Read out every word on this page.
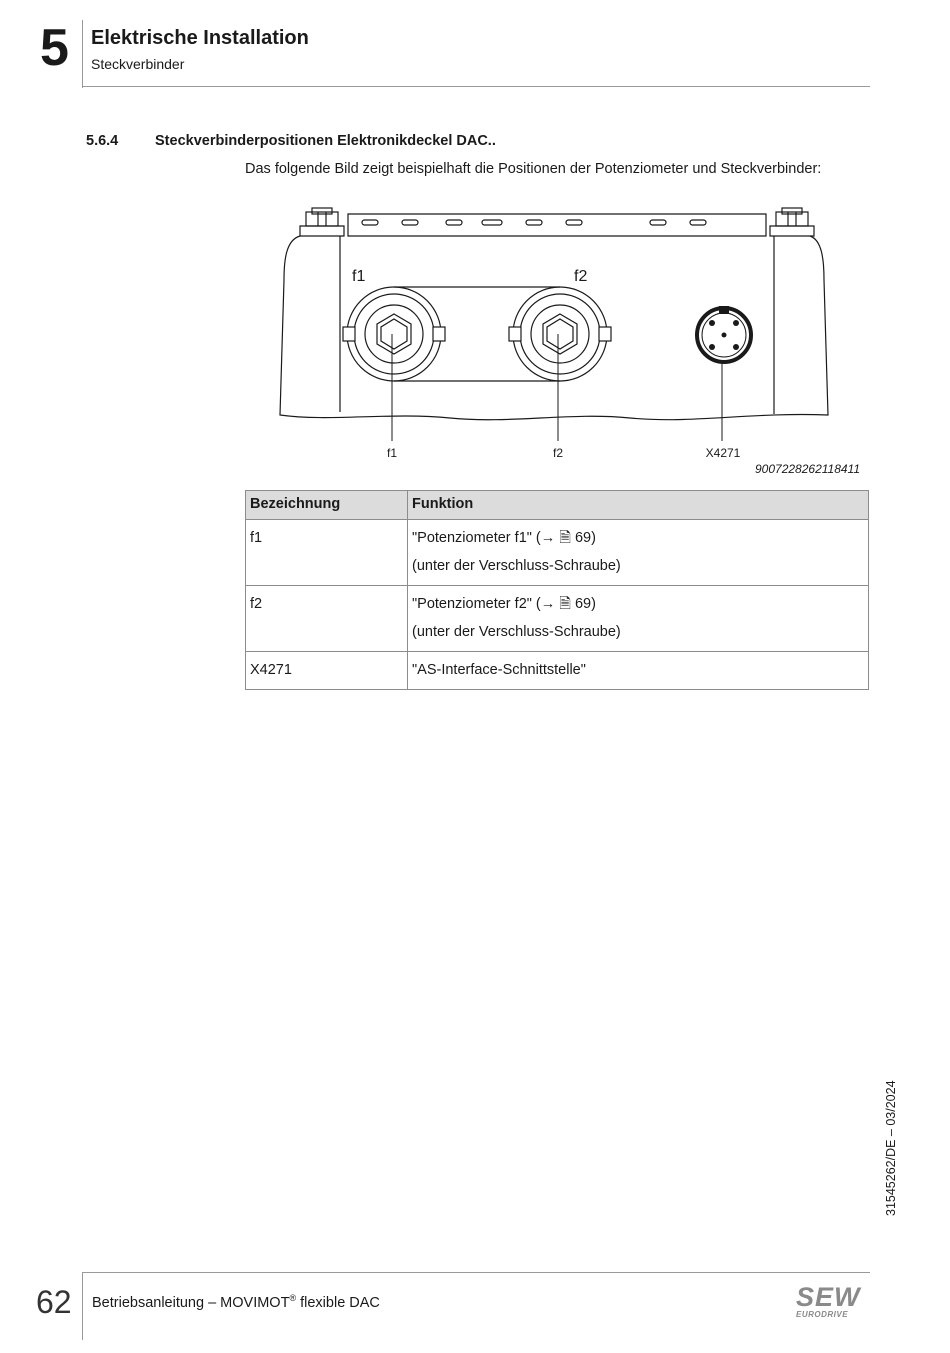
5 Elektrische Installation
Steckverbinder
5.6.4	Steckverbinderpositionen Elektronikdeckel DAC..
Das folgende Bild zeigt beispielhaft die Positionen der Potenziometer und Steckverbinder:
f1	f2
f1	f2	X4271
9007228262118411
Bezeichnung	Funktion
f1	"Potenziometer f1" (→ 🗎 69)
(unter der Verschluss-Schraube)

f2	"Potenziometer f2" (→ 🗎 69)
(unter der Verschluss-Schraube)

X4271	"AS-Interface-Schnittstelle"
31545262/DE – 03/2024
62 Betriebsanleitung – MOVIMOT® flexible DAC	SEW
EURODRIVE
